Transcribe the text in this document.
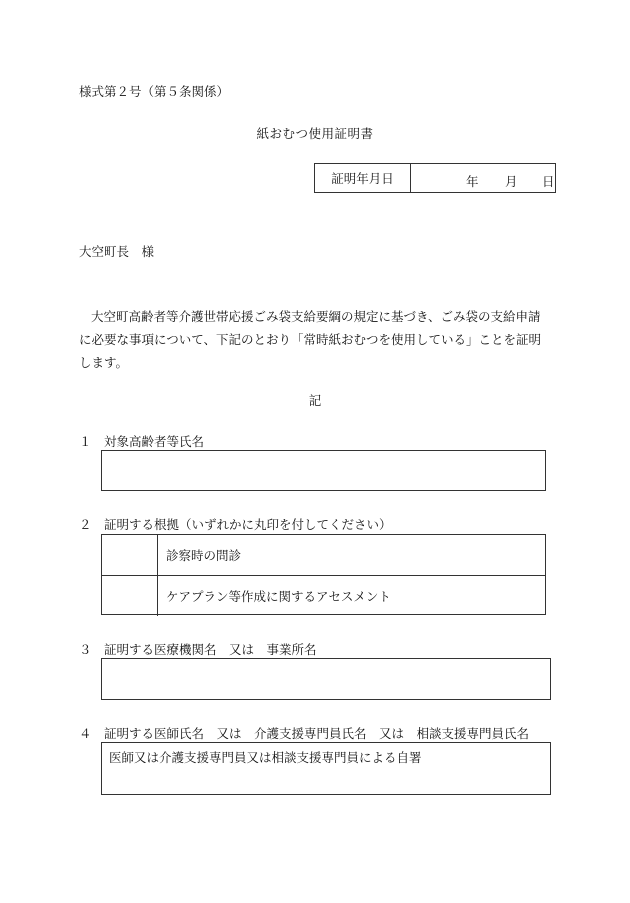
様式第２号（第５条関係）
紙おむつ使用証明書
証明年月日	年 月 日
大空町長　様
大空町高齢者等介護世帯応援ごみ袋支給要綱の規定に基づき、ごみ袋の支給申請
に必要な事項について、下記のとおり「常時紙おむつを使用している」ことを証明
します。
記
１　対象高齢者等氏名
２　証明する根拠（いずれかに丸印を付してください）
診察時の問診
ケアプラン等作成に関するアセスメント
３　証明する医療機関名　又は　事業所名
４　証明する医師氏名　又は　介護支援専門員氏名　又は　相談支援専門員氏名
医師又は介護支援専門員又は相談支援専門員による自署
